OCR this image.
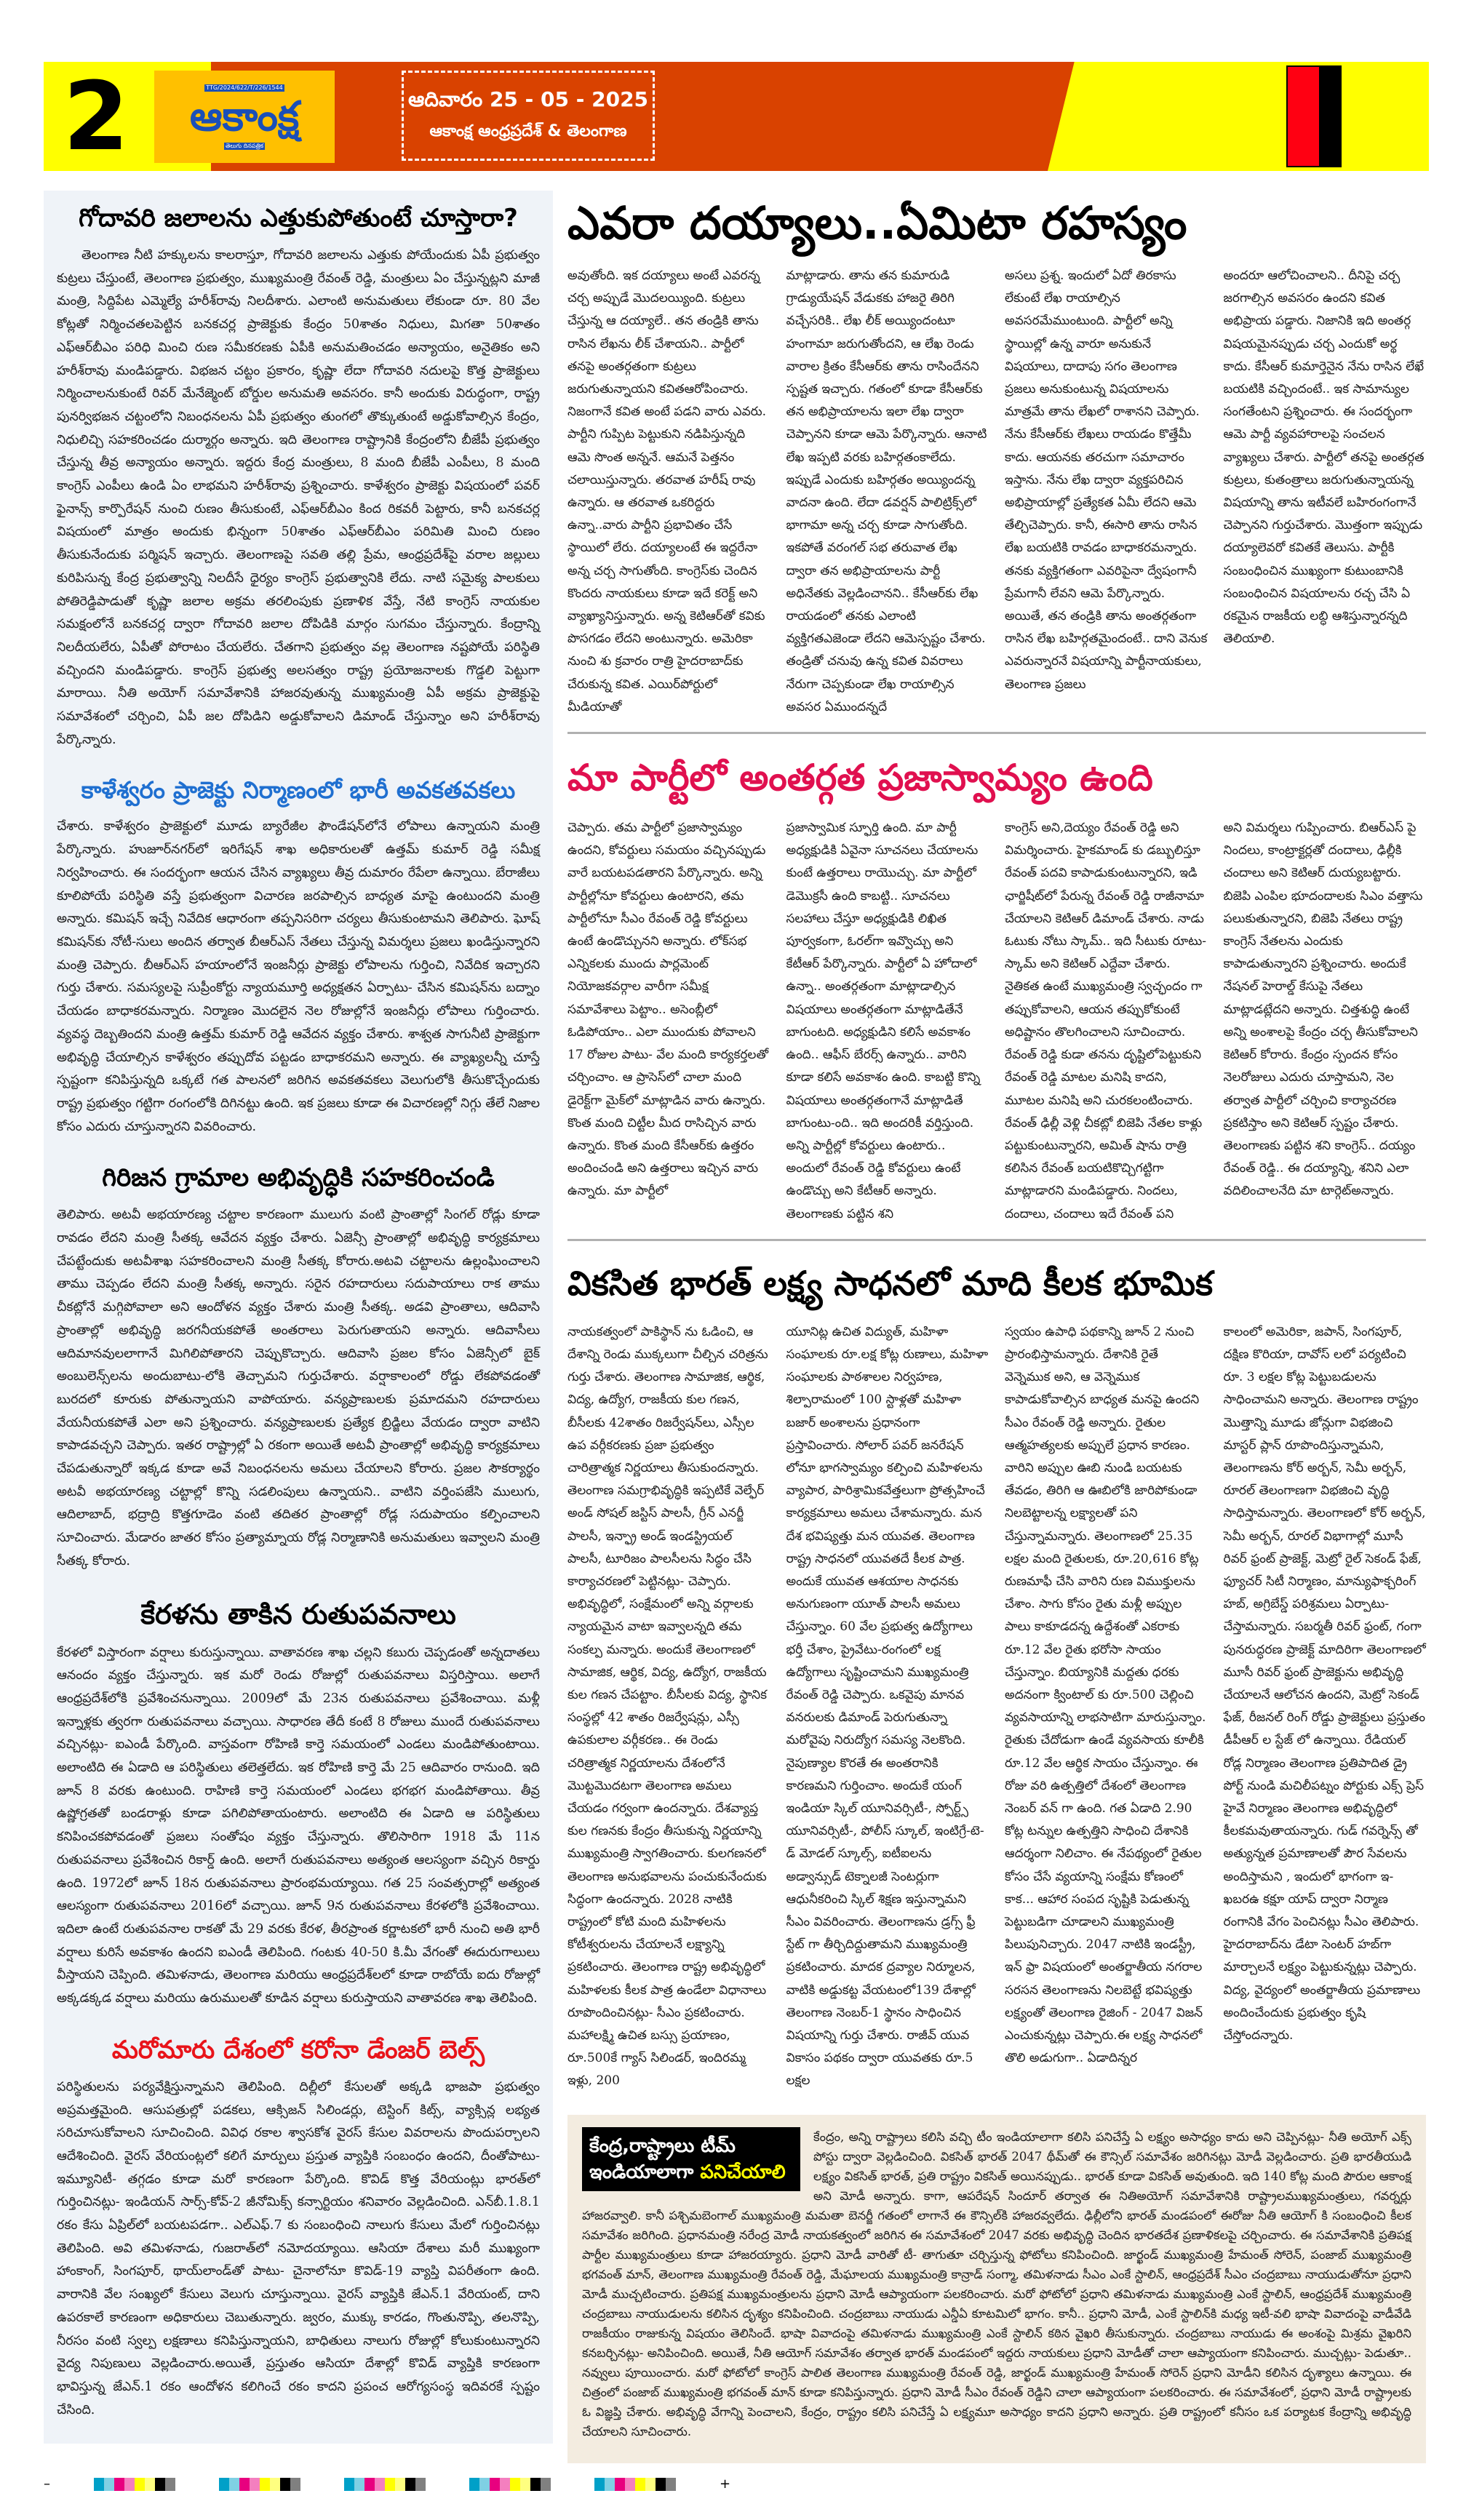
2	TTG/2024/622/T/226/1544
ఆకాంక్ష
తెలుగు దినపత్రిక
ఆదివారం 25 - 05 - 2025
ఆకాంక్ష ఆంధ్రప్రదేశ్ & తెలంగాణ
గోదావరి జలాలను ఎత్తుకుపోతుంటే చూస్తారా?
తెలంగాణ నీటి హక్కులను కాలరాస్తూ, గోదావరి జలాలను ఎత్తుకు పోయేందుకు ఏపీ ప్రభుత్వం కుట్రలు చేస్తుంటే, తెలంగాణ ప్రభుత్వం, ముఖ్యమంత్రి రేవంత్ రెడ్డి, మంత్రులు ఏం చేస్తున్నట్లని మాజీ మంత్రి, సిద్దిపేట ఎమ్మెల్యే హరీశ్‌రావు నిలదీశారు. ఎలాంటి అనుమతులు లేకుండా రూ. 80 వేల కోట్లతో నిర్మించతలపెట్టిన బనకచర్ల ప్రాజెక్టుకు కేంద్రం 50శాతం నిధులు, మిగతా 50శాతం ఎఫ్‌ఆర్‌బీఎం పరిధి మించి రుణ సమీకరణకు ఏపీకి అనుమతించడం అన్యాయం, అనైతికం అని హరీశ్‌రావు మండిపడ్డారు. విభజన చట్టం ప్రకారం, కృష్ణా లేదా గోదావరి నదులపై కొత్త ప్రాజెక్టులు నిర్మించాలనుకుంటే రివర్ మేనేజ్మెంట్ బోర్డుల అనుమతి అవసరం. కానీ అందుకు విరుద్ధంగా, రాష్ట్ర పునర్విభజన చట్టంలోని నిబంధనలను ఏపీ ప్రభుత్వం తుంగలో తొక్కుతుంటే అడ్డుకోవాల్సిన కేంద్రం, నిధులిచ్చి సహకరించడం దుర్మార్గం అన్నారు. ఇది తెలంగాణ రాష్ట్రానికి కేంద్రంలోని బీజేపీ ప్రభుత్వం చేస్తున్న తీవ్ర అన్యాయం అన్నారు. ఇద్దరు కేంద్ర మంత్రులు, 8 మంది బీజేపీ ఎంపీలు, 8 మంది కాంగ్రెస్ ఎంపీలు ఉండి ఏం లాభమని హరీశ్‌రావు ప్రశ్నించారు. కాళేశ్వరం ప్రాజెక్టు విషయంలో పవర్ ఫైనాన్స్ కార్పొరేషన్ నుంచి రుణం తీసుకుంటే, ఎఫ్‌ఆర్‌బీఎం కింద రికవరీ పెట్టారు, కానీ బనకచర్ల విషయంలో మాత్రం అందుకు భిన్నంగా 50శాతం ఎఫ్‌ఆర్‌బీఎం పరిమితి మించి రుణం తీసుకునేందుకు పర్మిషన్ ఇచ్చారు. తెలంగాణపై సవతి తల్లి ప్రేమ, ఆంధ్రప్రదేశ్‌పై వరాల జల్లులు కురిపిసున్న కేంద్ర ప్రభుత్వాన్ని నిలదీసే ధైర్యం కాంగ్రెస్ ప్రభుత్వానికి లేదు. నాటి సమైక్య పాలకులు పోతిరెడ్డిపాడుతో కృష్ణా జలాల అక్రమ తరలింపుకు ప్రణాళిక వేస్తే, నేటి కాంగ్రెస్ నాయకుల సమక్షంలోనే బనకచర్ల ద్వారా గోదావరి జలాల దోపిడికి మార్గం సుగమం చేస్తున్నారు. కేంద్రాన్ని నిలదీయలేరు, ఏపీతో పోరాటం చేయలేరు. చేతగాని ప్రభుత్వం వల్ల తెలంగాణ నష్టపోయే పరిస్థితి వచ్చిందని మండిపడ్డారు. కాంగ్రెస్ ప్రభుత్వ అలసత్వం రాష్ట్ర ప్రయోజనాలకు గొడ్డలి పెట్టుగా మారాయి. నీతి అయోగ్ సమావేశానికి హాజరవుతున్న ముఖ్యమంత్రి ఏపీ అక్రమ ప్రాజెక్టుపై సమావేశంలో చర్చించి, ఏపీ జల దోపిడిని అడ్డుకోవాలని డిమాండ్ చేస్తున్నాం అని హరీశ్‌రావు పేర్కొన్నారు.
కాళేశ్వరం ప్రాజెక్టు నిర్మాణంలో భారీ అవకతవకలు
చేశారు. కాళేశ్వరం ప్రాజెక్టులో మూడు బ్యారేజీల ఫౌండేషన్‌లోనే లోపాలు ఉన్నాయని మంత్రి పేర్కొన్నారు. హుజూర్‌నగర్‌లో ఇరిగేషన్ శాఖ అధికారులతో ఉత్తమ్ కుమార్ రెడ్డి సమీక్ష నిర్వహించారు. ఈ సందర్భంగా ఆయన చేసిన వ్యాఖ్యలు తీవ్ర దుమారం రేపేలా ఉన్నాయి. బేరాజీలు కూలిపోయే పరిస్థితి వస్తే ప్రభుత్వంగా విచారణ జరపాల్సిన బాధ్యత మాపై ఉంటుందని మంత్రి అన్నారు. కమిషన్ ఇచ్చే నివేదిక ఆధారంగా తప్పనిసరిగా చర్యలు తీసుకుంటామని తెలిపారు. ఘోష్ కమిషన్‌కు నోటీ-సులు అందిన తర్వాత బీఆర్‌ఎస్ నేతలు చేస్తున్న విమర్శలు ప్రజలు ఖండిస్తున్నారని మంత్రి చెప్పారు. బీఆర్‌ఎస్ హయాంలోనే ఇంజనీర్లు ప్రాజెక్టు లోపాలను గుర్తించి, నివేదిక ఇచ్చారని గుర్తు చేశారు. సమస్యలపై సుప్రీంకోర్టు న్యాయమూర్తి అధ్యక్షతన ఏర్పాటు- చేసిన కమిషన్‌ను బద్నాం చేయడం బాధాకరమన్నారు. నిర్మాణం మొదలైన నెల రోజుల్లోనే ఇంజనీర్లు లోపాలు గుర్తించారు. వ్యవస్థ దెబ్బతిందని మంత్రి ఉత్తమ్ కుమార్ రెడ్డి ఆవేదన వ్యక్తం చేశారు. శాశ్వత సాగునీటి ప్రాజెక్టుగా అభివృద్ధి చేయాల్సిన కాళేశ్వరం తప్పుదోవ పట్టడం బాధాకరమని అన్నారు. ఈ వ్యాఖ్యలన్నీ చూస్తే స్పష్టంగా కనిపిస్తున్నది ఒక్కటే గత పాలనలో జరిగిన అవకతవకలు వెలుగులోకి తీసుకొచ్చేందుకు రాష్ట్ర ప్రభుత్వం గట్టిగా రంగంలోకి దిగినట్టు ఉంది. ఇక ప్రజలు కూడా ఈ విచారణల్లో నిగ్గు తేలే నిజాల కోసం ఎదురు చూస్తున్నారని వివరించారు.
గిరిజన గ్రామాల అభివృద్ధికి సహకరించండి
తెలిపారు. అటవీ అభయారణ్య చట్టాల కారణంగా ములుగు వంటి ప్రాంతాల్లో సింగల్ రోడ్లు కూడా రావడం లేదని మంత్రి సీతక్క ఆవేదన వ్యక్తం చేశారు. ఏజెన్సీ ప్రాంతాల్లో అభివృద్ధి కార్యక్రమాలు చేపట్టేందుకు అటవీశాఖ సహకరించాలని మంత్రి సీతక్క కోరారు.అటవి చట్టాలను ఉల్లంఘించాలని తాము చెప్పడం లేదని మంత్రి సీతక్క అన్నారు. సరైన రహదారులు సదుపాయాలు రాక తాము చీకట్లోనే మగ్గిపోవాలా అని ఆందోళన వ్యక్తం చేశారు మంత్రి సీతక్క. అడవి ప్రాంతాలు, ఆదివాసి ప్రాంతాల్లో అభివృద్ధి జరగనీయకపోతే అంతరాలు పెరుగుతాయని అన్నారు. ఆదివాసీలు ఆదిమానవులలాగానే మిగిలిపోతారని చెప్పుకొచ్చారు. ఆదివాసి ప్రజల కోసం ఏజెన్సీలో బైక్ అంబులెన్స్‌లను అందుబాటు-లోకి తెచ్చామని గుర్తుచేశారు. వర్షాకాలంలో రోడ్డు లేకపోవడంతో బురదలో కూరుకు పోతున్నాయని వాపోయారు. వన్యప్రాణులకు ప్రమాదమని రహదారులు వేయనీయకపోతే ఎలా అని ప్రశ్నించారు. వన్యప్రాణులకు ప్రత్యేక బ్రిడ్జిలు వేయడం ద్వారా వాటిని కాపాడవచ్చని చెప్పారు. ఇతర రాష్ట్రాల్లో ఏ రకంగా అయితే అటవీ ప్రాంతాల్లో అభివృద్ధి కార్యక్రమాలు చేపడుతున్నారో ఇక్కడ కూడా అవే నిబంధనలను అమలు చేయాలని కోరారు. ప్రజల సౌకర్యార్థం అటవీ అభయారణ్య చట్టాల్లో కొన్ని సడలింపులు ఉన్నాయని.. వాటిని వర్తింపజేసి ములుగు, ఆదిలాబాద్, భద్రాద్రి కొత్తగూడెం వంటి తదితర ప్రాంతాల్లో రోడ్ల సదుపాయం కల్పించాలని సూచించారు. మేడారం జాతర కోసం ప్రత్యామ్నాయ రోడ్ల నిర్మాణానికి అనుమతులు ఇవ్వాలని మంత్రి సీతక్క కోరారు.
కేరళను తాకిన రుతుపవనాలు
కేరళలో విస్తారంగా వర్షాలు కురుస్తున్నాయి. వాతావరణ శాఖ చల్లని కబురు చెప్పడంతో అన్నదాతలు ఆనందం వ్యక్తం చేస్తున్నారు. ఇక మరో రెండు రోజుల్లో రుతుపవనాలు విస్తరిస్తాయి. అలాగే ఆంధ్రప్రదేశ్‌లోకి ప్రవేశించనున్నాయి. 2009లో మే 23న రుతుపవనాలు ప్రవేశించాయి. మళ్లీ ఇన్నాళ్లకు త్వరగా రుతుపవనాలు వచ్చాయి. సాధారణ తేదీ కంటే 8 రోజులు ముందే రుతుపవనాలు వచ్చినట్లు- ఐఎండీ పేర్కొంది. వాస్తవంగా రోహిణి కార్తె సమయంలో ఎండలు మండిపోతుంటాయి. అలాంటిది ఈ ఏడాది ఆ పరిస్థితులు తలెత్తలేదు. ఇక రోహిణి కార్తె మే 25 ఆదివారం రానుంది. ఇది జూన్ 8 వరకు ఉంటుంది. రాహిణి కార్తె సమయంలో ఎండలు భగభగ మండిపోతాయి. తీవ్ర ఉష్ణోగ్రతతో బండరాళ్లు కూడా పగిలిపోతాయంటారు. అలాంటిది ఈ ఏడాది ఆ పరిస్థితులు కనిపించకపోవడంతో ప్రజలు సంతోషం వ్యక్తం చేస్తున్నారు. తొలిసారిగా 1918 మే 11న రుతుపవనాలు ప్రవేశించిన రికార్డ్ ఉంది. అలాగే రుతుపవనాలు అత్యంత ఆలస్యంగా వచ్చిన రికార్డు ఉంది. 1972లో జూన్ 18న రుతుపవనాలు ప్రారంభమయ్యాయి. గత 25 సంవత్సరాల్లో అత్యంత ఆలస్యంగా రుతుపవనాలు 2016లో వచ్చాయి. జూన్ 9న రుతుపవనాలు కేరళలోకి ప్రవేశించాయి. ఇదిలా ఉంటే రుతుపవనాల రాకతో మే 29 వరకు కేరళ, తీరప్రాంత కర్ణాటకలో భారీ నుంచి అతి భారీ వర్షాలు కురిసే అవకాశం ఉందని ఐఎండీ తెలిపింది. గంటకు 40-50 కి.మీ వేగంతో ఈదురుగాలులు వీస్తాయని చెప్పింది. తమిళనాడు, తెలంగాణ మరియు ఆంధ్రప్రదేశ్‌లలో కూడా రాబోయే ఐదు రోజుల్లో అక్కడక్కడ వర్షాలు మరియు ఉరుములతో కూడిన వర్షాలు కురుస్తాయని వాతావరణ శాఖ తెలిపింది.
మరోమారు దేశంలో కరోనా డేంజర్ బెల్స్
పరిస్థితులను పర్యవేక్షిస్తున్నామని తెలిపింది. దిల్లీలో కేసులతో అక్కడి భాజపా ప్రభుత్వం అప్రమత్తమైంది. ఆసుపత్రుల్లో పడకలు, ఆక్సిజన్ సిలిండర్లు, టెస్టింగ్ కిట్స్, వ్యాక్సిన్ల లభ్యత సరిచూసుకోవాలని సూచించింది. వివిధ రకాల శ్వాసకోశ వైరస్ కేసుల వివరాలను పొందుపర్చాలని ఆదేశించింది. వైరస్ వేరియంట్లలో కలిగే మార్పులు ప్రస్తుత వ్యాప్తికి సంబంధం ఉందని, దీంతోపాటు- ఇమ్యూనిటీ- తగ్గడం కూడా మరో కారణంగా పేర్కొంది. కొవిడ్ కొత్త వేరియంట్లు భారత్‌లో గుర్తించినట్లు- ఇండియన్ సార్స్-కోవ్-2 జీనోమిక్స్ కన్సార్టియం శనివారం వెల్లడించింది. ఎన్‌బీ.1.8.1 రకం కేసు ఏప్రిల్‌లో బయటపడగా.. ఎల్‌ఎఫ్.7 కు సంబంధించి నాలుగు కేసులు మేలో గుర్తించినట్లు తెలిపింది. అవి తమిళనాడు, గుజరాత్‌లో నమోదయ్యాయి. ఆసియా దేశాలు మరీ ముఖ్యంగా హాంకాంగ్, సింగపూర్, థాయ్‌లాండ్‌తో పాటు- చైనాలోనూ కొవిడ్-19 వ్యాప్తి విపరీతంగా ఉంది. వారానికి వేల సంఖ్యలో కేసులు వెలుగు చూస్తున్నాయి. వైరస్ వ్యాప్తికి జేఎన్.1 వేరియంట్, దాని ఉపరకాలే కారణంగా అధికారులు చెబుతున్నారు. జ్వరం, ముక్కు కారడం, గొంతునొప్పి, తలనొప్పి, నీరసం వంటి స్వల్ప లక్షణాలు కనిపిస్తున్నాయని, బాధితులు నాలుగు రోజుల్లో కోలుకుంటున్నారని వైద్య నిపుణులు వెల్లడించారు.అయితే, ప్రస్తుతం ఆసియా దేశాల్లో కొవిడ్ వ్యాప్తికి కారణంగా భావిస్తున్న జేఎన్.1 రకం ఆందోళన కలిగించే రకం కాదని ప్రపంచ ఆరోగ్యసంస్థ ఇదివరకే స్పష్టం చేసింది.
ఎవరా దయ్యాలు..ఏమిటా రహస్యం
అవుతోంది. ఇక దయ్యాలు అంటే ఎవరన్న చర్చ అప్పుడే మొదలయ్యింది. కుట్రలు చేస్తున్న ఆ దయ్యాలే.. తన తండ్రికి తాను రాసిన లేఖను లీక్ చేశాయని.. పార్టీలో తనపై అంతర్గతంగా కుట్రలు జరుగుతున్నాయని కవితఆరోపించారు. నిజంగానే కవిత అంటే పడని వారు ఎవరు. పార్టీని గుప్పిట పెట్టుకుని నడిపిస్తున్నది ఆమె సొంత అన్ననే. ఆమనే పెత్తనం చలాయిస్తున్నారు. తరవాత హరీష్ రావు ఉన్నారు. ఆ తరవాత ఒకరిద్దరు ఉన్నా..వారు పార్టీని ప్రభావితం చేసే స్థాయిలో లేరు. దయ్యాలంటే ఈ ఇద్దరేనా అన్న చర్చ సాగుతోంది. కాంగ్రెస్‌కు చెందిన కొందరు నాయకులు కూడా ఇదే కరెక్ట్ అని వ్యాఖ్యానిస్తున్నారు. అన్న కెటిఆర్‌తో కవికు పొసగడం లేదని అంటున్నారు. అమెరికా నుంచి శు క్రవారం రాత్రి హైదరాబాద్‌కు చేరుకున్న కవిత. ఎయిర్‌పోర్టులో మీడియాతో
మాట్లాడారు. తాను తన కుమారుడి గ్రాడ్యుయేషన్ వేడుకకు హాజరై తిరిగి వచ్చేసరికి.. లేఖ లీక్ అయ్యిందంటూ హంగామా జరుగుతోందని, ఆ లేఖ రెండు వారాల క్రితం కేసీఆర్‌కు తాను రాసిందేనని స్పష్టత ఇచ్చారు. గతంలో కూడా కేసీఆర్‌కు తన అభిప్రాయాలను ఇలా లేఖ ద్వారా చెప్పానని కూడా ఆమె పేర్కొన్నారు. ఆనాటి లేఖ ఇప్పటి వరకు బహిర్గతంకాలేదు. ఇప్పుడే ఎందుకు బహిర్గతం అయ్యిందన్న వాదనా ఉంది. లేదా డవర్షన్ పాలిట్రిక్స్‌లో భాగామా అన్న చర్చ కూడా సాగుతోంది. ఇకపోతే వరంగల్ సభ తరువాత లేఖ ద్వారా తన అభిప్రాయాలను పార్టీ అధినేతకు వెల్లడించానని.. కేసీఆర్‌కు లేఖ రాయడంలో తనకు ఎలాంటి వ్యక్తిగతఎజెండా లేదని ఆమెస్పష్టం చేశారు. తండ్రితో చనువు ఉన్న కవిత వివరాలు నేరుగా చెప్పకుండా లేఖ రాయాల్సిన అవసర ఏముందన్నదే
అసలు ప్రశ్న. ఇందులో ఏదో తిరకాసు లేకుంటే లేఖ రాయాల్సిన అవసరమేముంటుంది. పార్టీలో అన్ని స్థాయిల్లో ఉన్న వారూ అనుకునే విషయాలు, దాదాపు సగం తెలంగాణ ప్రజలు అనుకుంటున్న విషయాలను మాత్రమే తాను లేఖలో రాశానని చెప్పారు. నేను కేసీఆర్‌కు లేఖలు రాయడం కొత్తేమీ కాదు. ఆయనకు తరచుగా సమాచారం ఇస్తాను. నేను లేఖ ద్వారా వ్యక్తపరిచిన అభిప్రాయాల్లో ప్రత్యేకత ఏమీ లేదని ఆమె తేల్చిచెప్పారు. కానీ, ఈసారి తాను రాసిన లేఖ బయటికి రావడం బాధాకరమన్నారు. తనకు వ్యక్తిగతంగా ఎవరిపైనా ద్వేషంగానీ ప్రేమగానీ లేవని ఆమె పేర్కొన్నారు. అయితే, తన తండ్రికి తాను అంతర్గతంగా రాసిన లేఖ బహిర్గతమైందంటే.. దాని వెనుక ఎవరున్నారనే విషయాన్ని పార్టీనాయకులు, తెలంగాణ ప్రజలు
అందరూ ఆలోచించాలని.. దీనిపై చర్చ జరగాల్సిన అవసరం ఉందని కవిత అభిప్రాయ పడ్డారు. నిజానికి ఇది అంతర్గ విషయమైనప్పుడు చర్చ ఎందుకో అర్థ కాదు. కేసీఆర్ కుమార్తెనైన నేను రాసిన లేఖే బయటికి వచ్చిందంటే.. ఇక సామాన్యుల సంగతేంటని ప్రశ్నించారు. ఈ సందర్భంగా ఆమె పార్టీ వ్యవహారాలపై సంచలన వ్యాఖ్యలు చేశారు. పార్టీలో తనపై అంతర్గత కుట్రలు, కుతంత్రాలు జరుగుతున్నాయన్న విషయాన్ని తాను ఇటీవలే బహిరంగంగానే చెప్పానని గుర్తుచేశారు. మొత్తంగా ఇప్పుడు దయ్యాలెవరో కవితకే తెలుసు. పార్టీకి సంబంధించిన ముఖ్యంగా కుటుంబానికి సంబంధించిన విషయాలను రచ్చ చేసి ఏ రకమైన రాజకీయ లబ్ధి ఆశిస్తున్నారన్నది తెలియాలి.
మా పార్టీలో అంతర్గత ప్రజాస్వామ్యం ఉంది
చెప్పారు. తమ పార్టీలో ప్రజాస్వామ్యం ఉందని, కోవర్టులు సమయం వచ్చినప్పుడు వారే బయటపడతారని పేర్కొన్నారు. అన్ని పార్టీల్లోనూ కోవర్టులు ఉంటారని, తమ పార్టీలోనూ సీఎం రేవంత్ రెడ్డి కోవర్టులు ఉంటే ఉండొచ్చునని అన్నారు. లోక్‌సభ ఎన్నికలకు ముందు పార్లమెంట్ నియోజకవర్గాల వారీగా సమీక్ష సమావేశాలు పెట్టాం.. అసెంబ్లీలో ఓడిపోయాం.. ఎలా ముందుకు పోవాలని 17 రోజుల పాటు- వేల మంది కార్యకర్తలతో చర్చించాం. ఆ ప్రాసెస్‌లో చాలా మంది డైరెక్ట్‌గా మైక్‌లో మాట్లాడిన వారు ఉన్నారు. కొంత మంది చిట్టీల మీద రాసిచ్చిన వారు ఉన్నారు. కొంత మంది కేసీఆర్‌కు ఉత్తరం అందించండి అని ఉత్తరాలు ఇచ్చిన వారు ఉన్నారు. మా పార్టీలో
ప్రజాస్వామిక స్ఫూర్తి ఉంది. మా పార్టీ అధ్యక్షుడికి ఏవైనా సూచనలు చేయాలను కుంటే ఉత్తరాలు రాయొచ్చు. మా పార్టీలో డెమొక్రసీ ఉంది కాబట్టి.. సూచనలు సలహాలు చేస్తూ అధ్యక్షుడికి లిఖిత పూర్వకంగా, ఓరల్‌గా ఇవ్వొచ్చు అని కేటీఆర్ పేర్కొన్నారు. పార్టీలో ఏ హోదాలో ఉన్నా.. అంతర్గతంగా మాట్లాడాల్సిన విషయాలు అంతర్గతంగా మాట్లాడితేనే బాగుంటది. అధ్యక్షుడిని కలిసే అవకాశం ఉంది.. ఆఫీస్ బేరర్స్ ఉన్నారు.. వారిని కూడా కలిసే అవకాశం ఉంది. కాబట్టి కొన్ని విషయాలు అంతర్గతంగానే మాట్లాడితే బాగుంటు-ంది.. ఇది అందరికీ వర్తిస్తుంది. అన్ని పార్టీల్లో కోవర్టులు ఉంటారు.. అందులో రేవంత్ రెడ్డి కోవర్టులు ఉంటే ఉండొచ్చు అని కేటీఆర్ అన్నారు. తెలంగాణకు పట్టిన శని
కాంగ్రెస్ అని,దెయ్యం రేవంత్ రెడ్డి అని విమర్శించారు. హైకమాండ్ కు డబ్బులిస్తూ రేవంత్ పదవి కాపాడుకుంటున్నారని, ఇడి ఛార్జిషీట్‌లో పేరున్న రేవంత్ రెడ్డి రాజీనామా చేయాలని కెటిఆర్ డిమాండ్ చేశారు. నాడు ఓటుకు నోటు స్కామ్.. ఇది సీటుకు రూటు- స్కామ్ అని కెటిఆర్ ఎద్దేవా చేశారు. నైతికత ఉంటే ముఖ్యమంత్రి స్వచ్ఛందం గా తప్పుకోవాలని, ఆయన తప్పుకోకుంటే అధిష్టానం తొలగించాలని సూచించారు. రేవంత్ రెడ్డి కుడా తనను దృష్టిలోపెట్టుకుని రేవంత్ రెడ్డి మాటల మనిషి కాదని, మూటల మనిషి అని చురకలంటించారు. రేవంత్ ఢిల్లీ వెళ్లి చీకట్లో బిజెపి నేతల కాళ్లు పట్టుకుంటున్నారని, అమిత్ షాను రాత్రి కలిసిన రేవంత్ బయటికొచ్చిగట్టిగా మాట్లాడారని మండిపడ్డారు. నిందలు, దందాలు, చందాలు ఇదే రేవంత్ పని
అని విమర్శలు గుప్పించారు. బిఆర్‌ఎస్ పై నిందలు, కాంట్రాక్టర్లతో దందాలు, ఢిల్లీకి చందాలు అని కెటిఆర్ దుయ్యబట్టారు. బిజెపి ఎంపిల భూదందాలకు సిఎం వత్తాసు పలుకుతున్నారని, బిజెపి నేతలు రాష్ట్ర కాంగ్రెస్ నేతలను ఎందుకు కాపాడుతున్నారని ప్రశ్నించారు. అందుకే నేషనల్ హెరాల్డ్ కేసుపై నేతలు మాట్లాడట్లేదని అన్నారు. చిత్తశుద్ధి ఉంటే అన్ని అంశాలపై కేంద్రం చర్చ తీసుకోవాలని కెటిఆర్ కోరారు. కేంద్రం స్పందన కోసం నెలరోజులు ఎదురు చూస్తామని, నెల తర్వాత పార్టీలో చర్చించి కార్యాచరణ ప్రకటిస్తాం అని కెటిఆర్ స్పష్టం చేశారు. తెలంగాణకు పట్టిన శని కాంగ్రెస్.. దయ్యం రేవంత్ రెడ్డి.. ఈ దయ్యాన్ని, శనిని ఎలా వదిలించాలనేది మా టార్గెట్‌అన్నారు.
వికసిత భారత్ లక్ష్య సాధనలో మాది కీలక భూమిక
నాయకత్వంలో పాకిస్థాన్ ను ఓడించి, ఆ దేశాన్ని రెండు ముక్కలుగా చీల్చిన చరిత్రను గుర్తు చేశారు. తెలంగాణ సామాజిక, ఆర్థిక, విద్య, ఉద్యోగ, రాజకీయ కుల గణన, బీసీలకు 42శాతం రిజర్వేషన్‌లు, ఎస్సీల ఉప వర్గీకరణకు ప్రజా ప్రభుత్వం చారిత్రాత్మక నిర్ణయాలు తీసుకుందన్నారు. తెలంగాణ సమగ్రాభివృద్ధికి ఇప్పటికే వెల్ఫేర్ అండ్ సోషల్ జస్టిస్ పాలసీ, గ్రీన్ ఎనర్జీ పాలసీ, ఇన్ఫ్రా అండ్ ఇండస్ట్రియల్ పాలసీ, టూరిజం పాలసీలను సిద్ధం చేసి కార్యాచరణలో పెట్టినట్లు- చెప్పారు. అభివృద్ధిలో, సంక్షేమంలో అన్ని వర్గాలకు న్యాయమైన వాటా ఇవ్వాలన్నది తమ సంకల్ప మన్నారు. అందుకే తెలంగాణలో సామాజిక, ఆర్థిక, విద్య, ఉద్యోగ, రాజకీయ కుల గణన చేపట్టాం. బీసీలకు విద్య, స్థానిక సంస్థల్లో 42 శాతం రిజర్వేషన్లు, ఎస్సీ ఉపకులాల వర్గీకరణ.. ఈ రెండు చరిత్రాత్మక నిర్ణయాలను దేశంలోనే మొట్టమొదటగా తెలంగాణ అమలు చేయడం గర్వంగా ఉందన్నారు. దేశవ్యాప్త కుల గణనకు కేంద్రం తీసుకున్న నిర్ణయాన్ని ముఖ్యమంత్రి స్వాగతించారు. కులగణనలో తెలంగాణ అనుభవాలను పంచుకునేందుకు సిద్ధంగా ఉందన్నారు. 2028 నాటికి రాష్ట్రంలో కోటి మంది మహిళలను కోటీశ్వరులను చేయాలనే లక్ష్యాన్ని ప్రకటించారు. తెలంగాణ రాష్ట్ర అభివృద్ధిలో మహిళలకు కీలక పాత్ర ఉండేలా విధానాలు రూపొందించినట్లు- సీఎం ప్రకటించారు. మహాలక్ష్మి ఉచిత బస్సు ప్రయాణం, రూ.500కే గ్యాస్ సిలిండర్, ఇందిరమ్మ ఇళ్లు, 200
యూనిట్ల ఉచిత విద్యుత్, మహిళా సంఘాలకు రూ.లక్ష కోట్ల రుణాలు, మహిళా సంఘాలకు పాఠశాలల నిర్వహణ, శిల్పారామంలో 100 స్టాళ్లతో మహిళా బజార్ అంశాలను ప్రధానంగా ప్రస్తావించారు. సోలార్ పవర్ జనరేషన్ లోనూ భాగస్వామ్యం కల్పించి మహిళలను వ్యాపార, పారిశ్రామికవేత్తలుగా ప్రోత్సహించే కార్యక్రమాలు అమలు చేశామన్నారు. మన దేశ భవిష్యత్తు మన యువత. తెలంగాణ రాష్ట్ర సాధనలో యువతదే కీలక పాత్ర. అందుకే యువత ఆశయాల సాధనకు అనుగుణంగా యూత్ పాలసీ అమలు చేస్తున్నాం. 60 వేల ప్రభుత్వ ఉద్యోగాలు భర్తీ చేశాం, ప్రైవేటు-రంగంలో లక్ష ఉద్యోగాలు సృష్టించామని ముఖ్యమంత్రి రేవంత్ రెడ్డి చెప్పారు. ఒకవైపు మానవ వనరులకు డిమాండ్ పెరుగుతున్నా మరోవైపు నిరుద్యోగ సమస్య నెలకొంది. నైపుణ్యాల కొరతే ఈ అంతరానికి కారణమని గుర్తించాం. అందుకే యంగ్ ఇండియా స్కిల్ యూనివర్సిటీ-, స్పోర్ట్స్ యూనివర్సిటీ-, పోలీస్ స్కూల్, ఇంటిగ్రే-టె-డ్ మోడల్ స్కూల్స్, ఐటీఐలను అడ్వాన్సుడ్ టెక్నాలజీ సెంటర్లుగా ఆధునీకరించి స్కిల్ శిక్షణ ఇస్తున్నామని సీఎం వివరించారు. తెలంగాణను డ్రగ్స్ ఫ్రీ స్టేట్ గా తీర్చిదిద్దుతామని ముఖ్యమంత్రి ప్రకటించారు. మాదక ద్రవ్యాల నిర్మూలన, వాటికి అడ్డుకట్ట వేయటంలో139 దేశాల్లో తెలంగాణ నెంబర్-1 స్థానం సాధించిన విషయాన్ని గుర్తు చేశారు. రాజీవ్ యువ వికాసం పథకం ద్వారా యువతకు రూ.5 లక్షల
స్వయం ఉపాధి పథకాన్ని జూన్ 2 నుంచి ప్రారంభిస్తామన్నారు. దేశానికి రైతే వెన్నెముక అని, ఆ వెన్నెముక కాపాడుకోవాల్సిన బాధ్యత మనపై ఉందని సీఎం రేవంత్ రెడ్డి అన్నారు. రైతుల ఆత్మహత్యలకు అప్పులే ప్రధాన కారణం. వారిని అప్పుల ఊబి నుండి బయటకు తేవడం, తిరిగి ఆ ఊబిలోకి జారిపోకుండా నిలబెట్టాలన్న లక్ష్యాలతో పని చేస్తున్నామన్నారు. తెలంగాణలో 25.35 లక్షల మంది రైతులకు, రూ.20,616 కోట్ల రుణమాఫీ చేసి వారిని రుణ విముక్తులను చేశాం. సాగు కోసం రైతు మళ్లీ అప్పుల పాలు కాకూడదన్న ఉద్దేశంతో ఎకరాకు రూ.12 వేల రైతు భరోసా సాయం చేస్తున్నాం. బియ్యానికి మద్దతు ధరకు అదనంగా క్వింటాల్ కు రూ.500 చెల్లించి వ్యవసాయాన్ని లాభసాటిగా మారుస్తున్నాం. రైతుకు చేదోడుగా ఉండే వ్యవసాయ కూలీకి రూ.12 వేల ఆర్థిక సాయం చేస్తున్నాం. ఈ రోజు వరి ఉత్పత్తిలో దేశంలో తెలంగాణ నెంబర్ వన్ గా ఉంది. గత ఏడాది 2.90 కోట్ల టన్నుల ఉత్పత్తిని సాధించి దేశానికి ఆదర్శంగా నిలిచాం. ఈ నేపథ్యంలో రైతుల కోసం చేసే వ్యయాన్ని సంక్షేమ కోణంలో కాక... ఆహార సంపద సృష్టికి పెడుతున్న పెట్టుబడిగా చూడాలని ముఖ్యమంత్రి పిలుపునిచ్చారు. 2047 నాటికి ఇండస్ట్రీ, ఇన్ ఫ్రా విషయంలో అంతర్జాతీయ నగరాల సరసన తెలంగాణను నిలబెట్టే భవిష్యత్తు లక్ష్యంతో తెలంగాణ రైజింగ్ - 2047 విజన్ ఎంచుకున్నట్లు చెప్పారు.ఈ లక్ష్య సాధనలో తొలి అడుగుగా.. ఏడాదిన్నర
కాలంలో అమెరికా, జపాన్, సింగపూర్, దక్షిణ కొరియా, దావోస్ లలో పర్యటించి రూ. 3 లక్షల కోట్ల పెట్టుబడులను సాధించామని అన్నారు. తెలంగాణ రాష్ట్రం మొత్తాన్ని మూడు జోన్లుగా విభజించి మాస్టర్ ప్లాన్ రూపొందిస్తున్నామని, తెలంగాణను కోర్ అర్బన్, సెమీ అర్బన్, రూరల్ తెలంగాణగా విభజించి వృద్ధి సాధిస్తామన్నారు. తెలంగాణలో కోర్ అర్బన్, సెమీ అర్బన్, రూరల్ విభాగాల్లో మూసీ రివర్ ఫ్రంట్ ప్రాజెక్ట్, మెట్రో రైల్ సెకండ్ ఫేజ్, ఫ్యూచర్ సిటీ నిర్మాణం, మాన్యుఫాక్చరింగ్ హబ్, అగ్రిబేస్డ్ పరిశ్రమలు ఏర్పాటు- చేస్తామన్నారు. సబర్మతీ రివర్ ఫ్రంట్, గంగా పునరుద్ధరణ ప్రాజెక్ట్ మాదిరిగా తెలంగాణలో మూసీ రివర్ ఫ్రంట్ ప్రాజెక్టును అభివృద్ధి చేయాలనే ఆలోచన ఉందని, మెట్రో సెకండ్ ఫేజ్, రీజనల్ రింగ్ రోడ్డు ప్రాజెక్టులు ప్రస్తుతం డీపీఆర్ ల స్టేజ్ లో ఉన్నాయి. రేడియల్ రోడ్ల నిర్మాణం తెలంగాణ ప్రతిపాదిత డ్రై పోర్ట్ నుండి మచిలీపట్నం పోర్టుకు ఎక్స్ ప్రెస్ హైవే నిర్మాణం తెలంగాణ అభివృద్ధిలో కీలకమవుతాయన్నారు. గుడ్ గవర్నెన్స్ తో అత్యున్నత ప్రమాణాలతో పౌర సేవలను అందిస్తామని , ఇందులో భాగంగా ఇ-ఖబరఉ కక్షూ యాప్ ద్వారా నిర్మాణ రంగానికి వేగం పెంచినట్లు సీఎం తెలిపారు. హైదరాబాద్‌ను డేటా సెంటర్ హబ్‌గా మార్చాలనే లక్ష్యం పెట్టుకున్నట్లు చెప్పారు. విద్య, వైద్యంలో అంతర్జాతీయ ప్రమాణాలు అందించేందుకు ప్రభుత్వం కృషి చేస్తోందన్నారు.
కేంద్ర,రాష్ట్రాలు టీమ్ ఇండియాలాగా పనిచేయాలి
కేంద్రం, అన్ని రాష్ట్రాలు కలిసి వచ్చి టీం ఇండియాలాగా కలిసి పనిచేస్తే ఏ లక్ష్యం అసాధ్యం కాదు అని చెప్పినట్లు- నీతి అయోగ్ ఎక్స్ పోస్టు ద్వారా వెల్లడించింది. వికసిత్ భారత్ 2047 థీమ్‌తో ఈ కౌన్సిల్ సమావేశం జరిగినట్లు మోడీ వెల్లడించారు. ప్రతి భారతీయుడి లక్ష్యం వికసిత్ భారత్, ప్రతి రాష్ట్రం వికసిత్ అయినప్పుడు.. భారత్ కూడా వికసిత్ అవుతుంది. ఇది 140 కోట్ల మంది పౌరుల ఆకాంక్ష అని మోడీ అన్నారు. కాగా, ఆపరేషన్ సిందూర్ తర్వాత ఈ నితిఅయోగ్ సమావేశానికి రాష్ట్రాలముఖ్యమంత్రులు, గవర్నర్లు హాజరవ్వాలి. కానీ పశ్చిమబెంగాల్ ముఖ్యమంత్రి మమతా బెనర్జీ గతంలో లాగానే ఈ కౌన్సిల్‌కి హాజరవ్వలేదు. ఢిల్లీలోని భారత్ మండపంలో ఈరోజు నీతి ఆయోగ్ కి సంబంధించి కీలక సమావేశం జరిగింది. ప్రధానమంత్రి నరేంద్ర మోడీ నాయకత్వంలో జరిగిన ఈ సమావేశంలో 2047 వరకు అభివృద్ధి చెందిన భారతదేశ ప్రణాళికలపై చర్చించారు. ఈ సమావేశానికి ప్రతిపక్ష పార్టీల ముఖ్యమంత్రులు కూడా హాజరయ్యారు. ప్రధాని మోడీ వారితో టీ- తాగుతూ చర్చిస్తున్న ఫోటోలు కనిపించింది. జార్ఖండ్ ముఖ్యమంత్రి హేమంత్ సోరెన్, పంజాబ్ ముఖ్యమంత్రి భగవంత్ మాన్, తెలంగాణ ముఖ్యమంత్రి రేవంత్ రెడ్డి, మేఘాలయ ముఖ్యమంత్రి కాన్రాడ్ సంగ్మా, తమిళనాడు సీఎం ఎంకే స్టాలిన్, ఆంధ్రప్రదేశ్ సీఎం చంద్రబాబు నాయుడుతోనూ ప్రధాని మోడీ ముచ్చటించారు. ప్రతిపక్ష ముఖ్యమంత్రులను ప్రధాని మోడీ ఆప్యాయంగా పలకరించారు. మరో ఫోటోలో ప్రధాని తమిళనాడు ముఖ్యమంత్రి ఎంకే స్టాలిన్, ఆంధ్రప్రదేశ్ ముఖ్యమంత్రి చంద్రబాబు నాయుడులను కలిసిన దృశ్యం కనిపించింది. చంద్రబాబు నాయుడు ఎన్డీఏ కూటమిలో భాగం. కానీ.. ప్రధాని మోడీ, ఎంకే స్టాలిన్‌కి మధ్య ఇటీ-వలి భాషా వివాదంపై వాడీవేడి రాజకీయం రాజుకున్న విషయం తెలిసిందే. భాషా వివాదంపై తమిళనాడు ముఖ్యమంత్రి ఎంకే స్టాలిన్ కఠిన వైఖరి తీసుకున్నారు. చంద్రబాబు నాయుడు ఈ అంశంపై మిశ్రమ వైఖరిని కనబర్చినట్లు- అనిపించింది. అయితే, నీతి ఆయోగ్ సమావేశం తర్వాత భారత్ మండపంలో ఇద్దరు నాయకులు ప్రధాని మోడీతో చాలా ఆప్యాయంగా కనిపించారు. ముచ్చట్లు- పెడుతూ.. నవ్వులు పూయించారు. మరో ఫోటోలో కాంగ్రెస్ పాలిత తెలంగాణ ముఖ్యమంత్రి రేవంత్ రెడ్డి, జార్ఖండ్ ముఖ్యమంత్రి హేమంత్ సోరెన్ ప్రధాని మోడీని కలిసిన దృశ్యాలు ఉన్నాయి. ఈ చిత్రంలో పంజాబ్ ముఖ్యమంత్రి భగవంత్ మాన్ కూడా కనిపిస్తున్నారు. ప్రధాని మోడీ సీఎం రేవంత్ రెడ్డిని చాలా ఆప్యాయంగా పలకరించారు. ఈ సమావేశంలో, ప్రధాని మోడీ రాష్ట్రాలకు ఓ విజ్ఞప్తి చేశారు. అభివృద్ధి వేగాన్ని పెంచాలని, కేంద్రం, రాష్ట్రం కలిసి పనిచేస్తే ఏ లక్ష్యమూ అసాధ్యం కాదని ప్రధాని అన్నారు. ప్రతి రాష్ట్రంలో కనీసం ఒక పర్యాటక కేంద్రాన్ని అభివృద్ధి చేయాలని సూచించారు.
–	+
